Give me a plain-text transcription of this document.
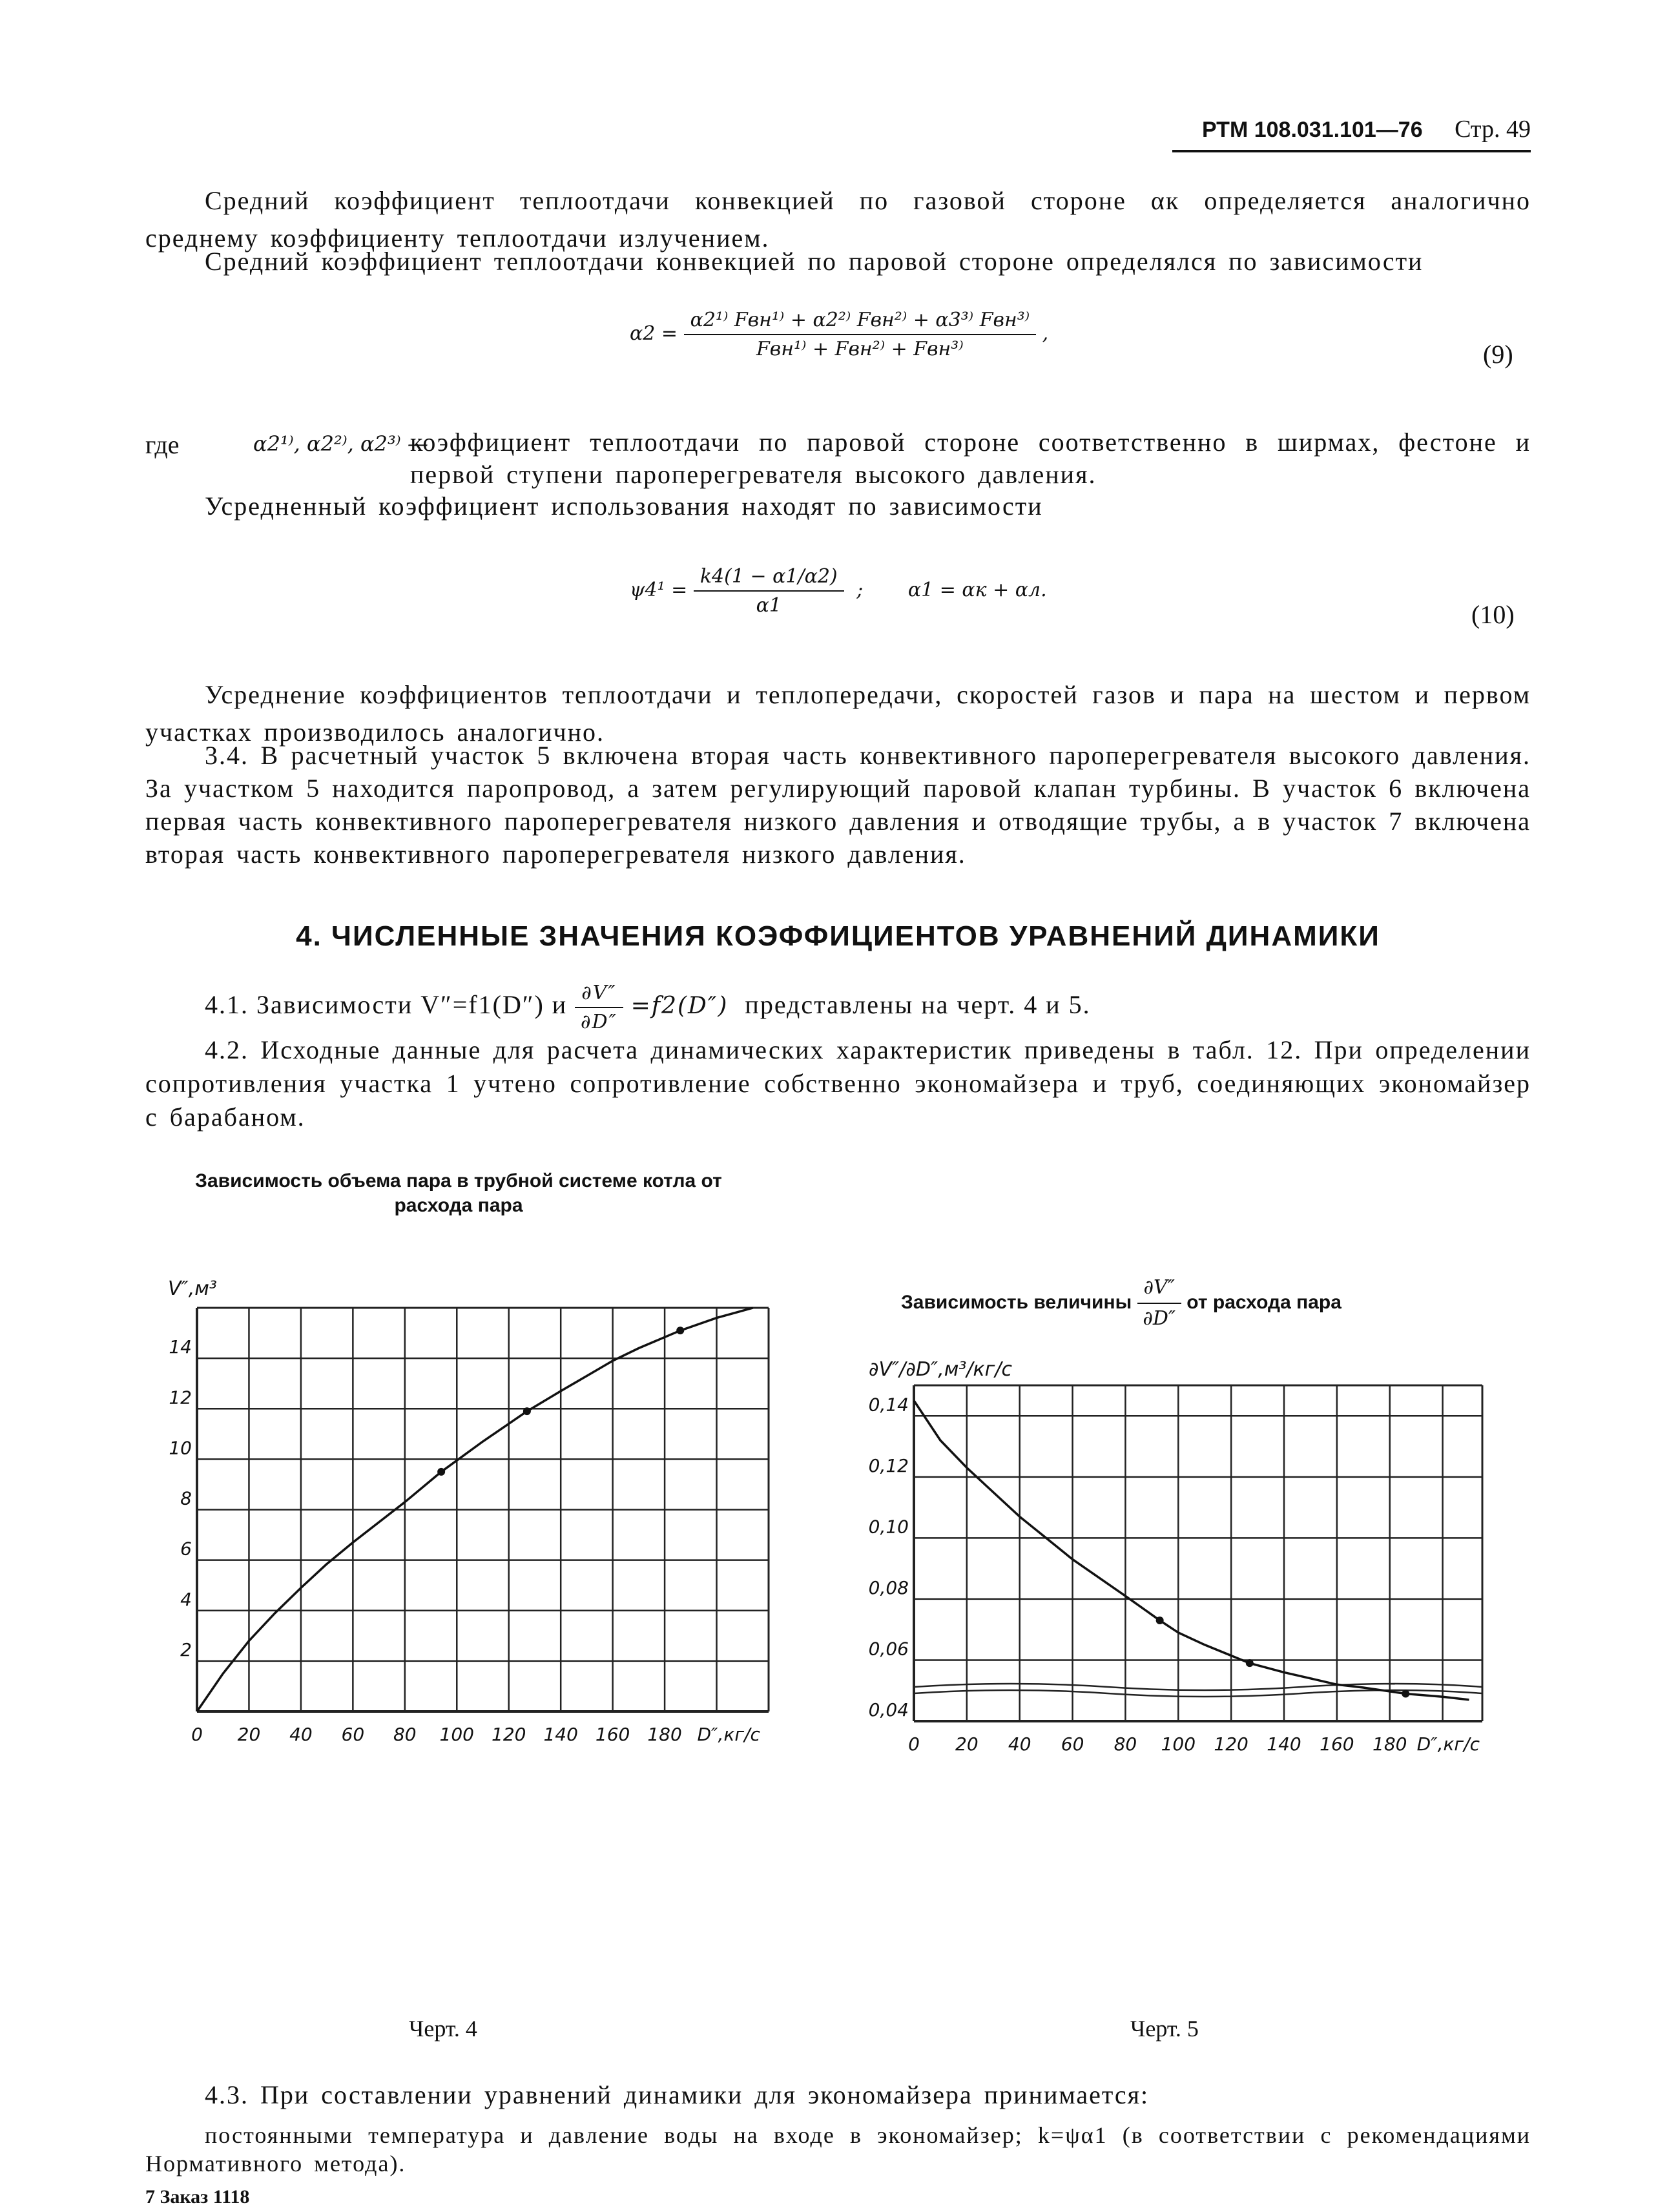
РТМ 108.031.101—76 Стр. 49
Средний коэффициент теплоотдачи конвекцией по газовой стороне αк определяется аналогично среднему коэффициенту теплоотдачи излучением.
Средний коэффициент теплоотдачи конвекцией по паровой стороне определялся по зависимости
$\alpha 2 = \frac{\text{α2¹⁾ Fвн¹⁾ + α2²⁾ Fвн²⁾ + α3³⁾ Fвн³⁾}}{\text{Fвн¹⁾ + Fвн²⁾ + Fвн³⁾}}$ ,
(9)
где	α2¹⁾, α2²⁾, α2³⁾ —
коэффициент теплоотдачи по паровой стороне соответственно в ширмах, фестоне и первой ступени пароперегревателя высокого давления.
Усредненный коэффициент использования находят по зависимости
$\psi 4^1 = \frac{k4(1 - \alpha 1/\alpha 2)}{\alpha 1}$ ; α1 = αк + αл.
(10)
Усреднение коэффициентов теплоотдачи и теплопередачи, скоростей газов и пара на шестом и первом участках производилось аналогично.
3.4. В расчетный участок 5 включена вторая часть конвективного пароперегревателя высокого давления. За участком 5 находится паропровод, а затем регулирующий паровой клапан турбины. В участок 6 включена первая часть конвективного пароперегревателя низкого давления и отводящие трубы, а в участок 7 включена вторая часть конвективного пароперегревателя низкого давления.
4. ЧИСЛЕННЫЕ ЗНАЧЕНИЯ КОЭФФИЦИЕНТОВ УРАВНЕНИЙ ДИНАМИКИ
4.1. Зависимости V″=f1(D″) и $\frac{\partial V''}{\partial D''} =f2(D'')$ представлены на черт. 4 и 5.
4.2. Исходные данные для расчета динамических характеристик приведены в табл. 12. При определении сопротивления участка 1 учтено сопротивление собственно экономайзера и труб, соединяющих экономайзер с барабаном.
Зависимость объема пара в трубной системе котла от расхода пара
Зависимость величины $\frac{\partial V''}{\partial D''}$ от расхода пара
0 20 40 60 80 100 120 140 160 180 D″,кг/с
2
4
6
8
10
12
14
V″,м³
0 20 40 60 80 100 120 140 160 180 D″,кг/с
0,04
0,06
0,08
0,10
0,12
0,14
∂V″/∂D″,м³/кг/с
Черт. 4	Черт. 5
4.3. При составлении уравнений динамики для экономайзера принимается:
постоянными температура и давление воды на входе в экономайзер; k=ψα1 (в соответствии с рекомендациями Нормативного метода).
7 Заказ 1118
